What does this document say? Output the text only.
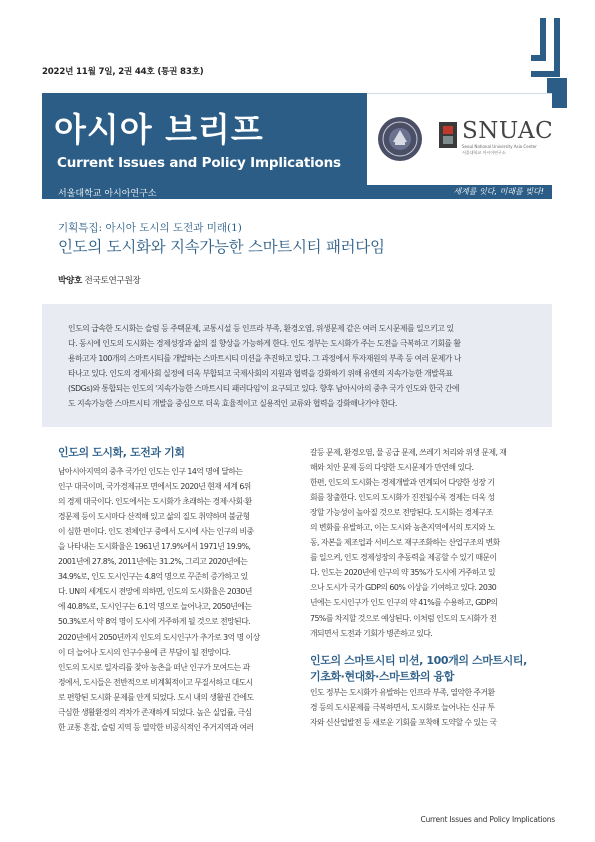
2022년 11월 7일, 2권 44호 (통권 83호)
아시아 브리프
Current Issues and Policy Implications
SNUAC
Seoul National University Asia Center
서울대학교 아시아연구소
서울대학교 아시아연구소	세계를 잇다, 미래를 빚다!
기획특집: 아시아 도시의 도전과 미래(1)
인도의 도시화와 지속가능한 스마트시티 패러다임
박양호 전국토연구원장

인도의 급속한 도시화는 슬럼 등 주택문제, 교통시설 등 인프라 부족, 환경오염, 위생문제 같은 여러 도시문제를 일으키고 있

다. 동시에 인도의 도시화는 경제성장과 삶의 질 향상을 가능하게 한다. 인도 정부는 도시화가 주는 도전을 극복하고 기회를 활

용하고자 100개의 스마트시티를 개발하는 스마트시티 미션을 추진하고 있다. 그 과정에서 투자재원의 부족 등 여러 문제가 나

타나고 있다. 인도의 경제사회 실정에 더욱 부합되고 국제사회의 지원과 협력을 강화하기 위해 유엔의 지속가능한 개발목표

(SDGs)와 통합되는 인도의 '지속가능한 스마트시티 패러다임'이 요구되고 있다. 향후 남아시아의 중추 국가 인도와 한국 간에

도 지속가능한 스마트시티 개발을 중심으로 더욱 효율적이고 실용적인 교류와 협력을 강화해나가야 한다.

인도의 도시화, 도전과 기회
남아시아지역의 중추 국가인 인도는 인구 14억 명에 달하는
인구 대국이며, 국가경제규모 면에서도 2020년 현재 세계 6위
의 경제 대국이다. 인도에서는 도시화가 초래하는 경제·사회·환
경문제 등이 도시마다 산적해 있고 삶의 질도 취약하며 불균형
이 심한 편이다. 인도 전체인구 중에서 도시에 사는 인구의 비중
을 나타내는 도시화율은 1961년 17.9%에서 1971년 19.9%,
2001년에 27.8%, 2011년에는 31.2%, 그리고 2020년에는
34.9%로, 인도 도시인구는 4.8억 명으로 꾸준히 증가하고 있
다. UN의 세계도시 전망에 의하면, 인도의 도시화율은 2030년
에 40.8%로, 도시인구는 6.1억 명으로 늘어나고, 2050년에는
50.3%로서 약 8억 명이 도시에 거주하게 될 것으로 전망된다.
2020년에서 2050년까지 인도의 도시인구가 추가로 3억 명 이상
이 더 늘어나 도시의 인구수용에 큰 부담이 될 전망이다.
인도의 도시로 일자리를 찾아 농촌을 떠난 인구가 모여드는 과
정에서, 도시들은 전반적으로 비계획적이고 무질서하고 대도시
로 편향된 도시화 문제를 안게 되었다. 도시 내의 생활권 간에도
극심한 생활환경의 격차가 존재하게 되었다. 높은 실업률, 극심
한 교통 혼잡, 슬럼 지역 등 열악한 비공식적인 주거지역과 여러
갈등 문제, 환경오염, 물 공급 문제, 쓰레기 처리와 위생 문제, 재
해와 치안 문제 등의 다양한 도시문제가 만연해 있다.
한편, 인도의 도시화는 경제개발과 연계되어 다양한 성장 기
회를 창출한다. 인도의 도시화가 진전될수록 경제는 더욱 성
장할 가능성이 높아질 것으로 전망된다. 도시화는 경제구조
의 변화를 유발하고, 이는 도시와 농촌지역에서의 토지와 노
동, 자본을 제조업과 서비스로 재구조화하는 산업구조의 변화
를 일으켜, 인도 경제성장의 추동력을 제공할 수 있기 때문이
다. 인도는 2020년에 인구의 약 35%가 도시에 거주하고 있
으나 도시가 국가 GDP의 60% 이상을 기여하고 있다. 2030
년에는 도시인구가 인도 인구의 약 41%를 수용하고, GDP의
75%를 차지할 것으로 예상된다. 이처럼 인도의 도시화가 전
개되면서 도전과 기회가 병존하고 있다.
인도의 스마트시티 미션, 100개의 스마트시티,
기초화·현대화·스마트화의 융합
인도 정부는 도시화가 유발하는 인프라 부족, 열악한 주거환
경 등의 도시문제를 극복하면서, 도시화로 늘어나는 신규 투
자와 신산업발전 등 새로운 기회를 포착해 도약할 수 있는 국
Current Issues and Policy Implications
